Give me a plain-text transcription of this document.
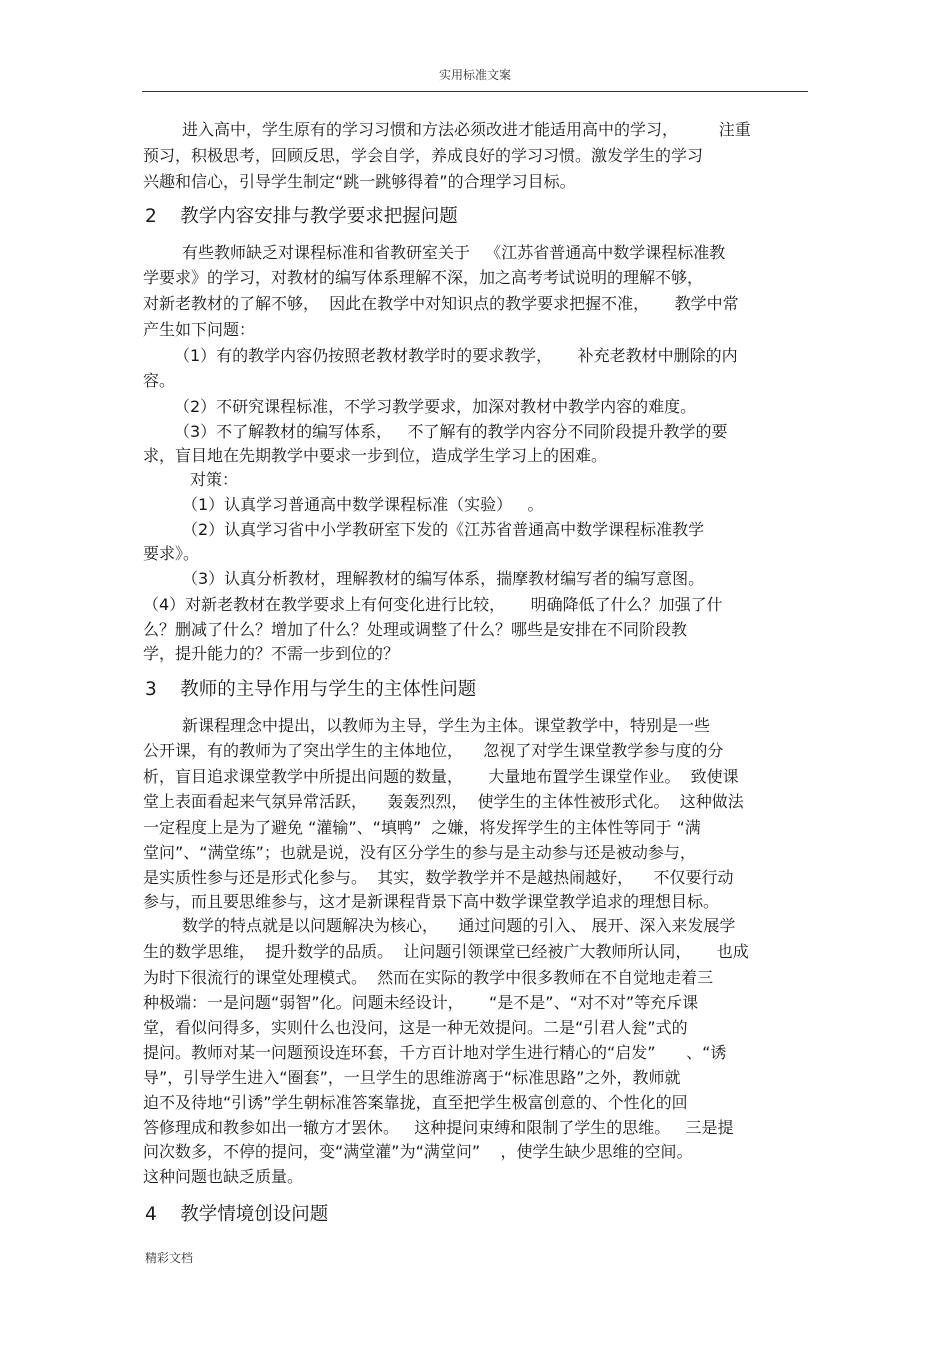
实用标准文案
进入高中，学生原有的学习习惯和方法必须改进才能适用高中的学习，        注重
预习，积极思考，回顾反思，学会自学，养成良好的学习习惯。激发学生的学习
兴趣和信心，引导学生制定“跳一跳够得着”的合理学习目标。
2    教学内容安排与教学要求把握问题
有些教师缺乏对课程标准和省教研室关于   《江苏省普通高中数学课程标准教
学要求》的学习，对教材的编写体系理解不深，加之高考考试说明的理解不够，
对新老教材的了解不够，  因此在教学中对知识点的教学要求把握不准，     教学中常
产生如下问题：
（1）有的教学内容仍按照老教材教学时的要求教学，     补充老教材中删除的内
容。
（2）不研究课程标准，不学习教学要求，加深对教材中教学内容的难度。
（3）不了解教材的编写体系，   不了解有的教学内容分不同阶段提升教学的要
求，盲目地在先期教学中要求一步到位，造成学生学习上的困难。
对策：
（1）认真学习普通高中数学课程标准（实验）   。
（2）认真学习省中小学教研室下发的《江苏省普通高中数学课程标准教学
要求》。
（3）认真分析教材，理解教材的编写体系，揣摩教材编写者的编写意图。
（4）对新老教材在教学要求上有何变化进行比较，     明确降低了什么？加强了什
么？删减了什么？增加了什么？处理或调整了什么？哪些是安排在不同阶段教
学，提升能力的？不需一步到位的？
3    教师的主导作用与学生的主体性问题
新课程理念中提出，以教师为主导，学生为主体。课堂教学中，特别是一些
公开课，有的教师为了突出学生的主体地位，    忽视了对学生课堂教学参与度的分
析，盲目追求课堂教学中所提出问题的数量，     大量地布置学生课堂作业。  致使课
堂上表面看起来气氛异常活跃，    轰轰烈烈，  使学生的主体性被形式化。  这种做法
一定程度上是为了避免 “灌输”、“填鸭”  之嫌，将发挥学生的主体性等同于 “满
堂问”、“满堂练”；也就是说，没有区分学生的参与是主动参与还是被动参与，
是实质性参与还是形式化参与。  其实，数学教学并不是越热闹越好，    不仅要行动
参与，而且要思维参与，这才是新课程背景下高中数学课堂教学追求的理想目标。
数学的特点就是以问题解决为核心，    通过问题的引入、 展开、深入来发展学
生的数学思维，  提升数学的品质。  让问题引领课堂已经被广大教师所认同，     也成
为时下很流行的课堂处理模式。  然而在实际的教学中很多教师在不自觉地走着三
种极端：一是问题“弱智”化。问题未经设计，     “是不是”、“对不对”等充斥课
堂，看似问得多，实则什么也没问，这是一种无效提问。二是“引君人瓮”式的
提问。教师对某一问题预设连环套，千方百计地对学生进行精心的“启发”      、“诱
导”，引导学生进入“圈套”，一旦学生的思维游离于“标准思路”之外，教师就
迫不及待地“引诱”学生朝标准答案靠拢，直至把学生极富创意的、个性化的回
答修理成和教参如出一辙方才罢休。   这种提问束缚和限制了学生的思维。   三是提
问次数多，不停的提问，变“满堂灌”为“满堂问”    ，使学生缺少思维的空间。
这种问题也缺乏质量。
4    教学情境创设问题
精彩文档
